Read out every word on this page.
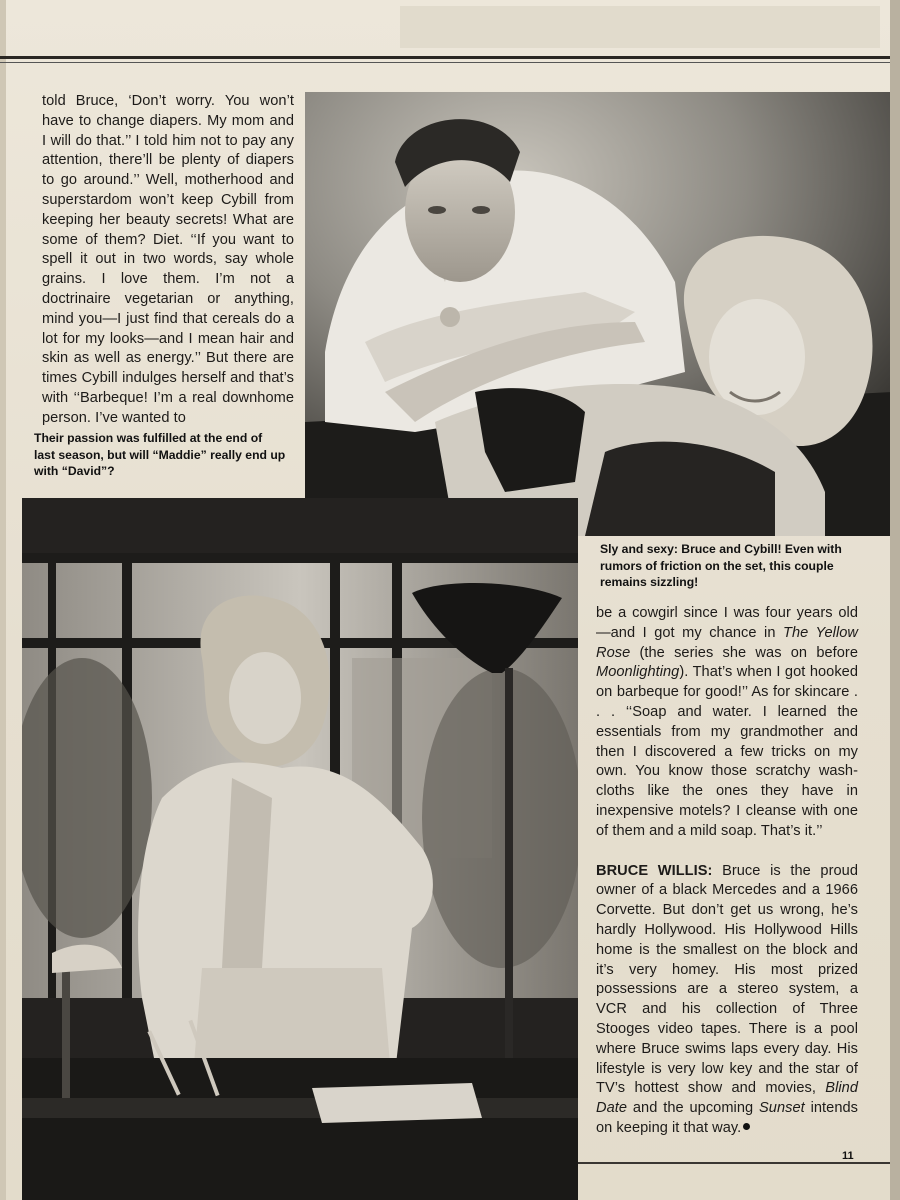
told Bruce, ‘Don’t worry. You won’t have to change diapers. My mom and I will do that.’’ I told him not to pay any attention, there’ll be plenty of diapers to go around.’’ Well, motherhood and superstardom won’t keep Cybill from keeping her beauty secrets! What are some of them? Diet. ‘‘If you want to spell it out in two words, say whole grains. I love them. I’m not a doctrinaire vegetarian or anything, mind you—I just find that cereals do a lot for my looks—and I mean hair and skin as well as energy.’’ But there are times Cybill indulges herself and that’s with ‘‘Barbeque! I’m a real downhome person. I’ve wanted to

Their passion was fulfilled at the end of last season, but will “Maddie” really end up with “David”?
Sly and sexy: Bruce and Cybill! Even with rumors of friction on the set, this couple remains sizzling!

be a cowgirl since I was four years old—and I got my chance in The Yellow Rose (the series she was on before Moonlighting). That’s when I got hooked on barbeque for good!’’ As for skincare . . . ‘‘Soap and water. I learned the essentials from my grandmother and then I discovered a few tricks on my own. You know those scratchy wash-cloths like the ones they have in inexpensive motels? I cleanse with one of them and a mild soap. That’s it.’’

BRUCE WILLIS: Bruce is the proud owner of a black Mercedes and a 1966 Corvette. But don’t get us wrong, he’s hardly Hollywood. His Hollywood Hills home is the smallest on the block and it’s very homey. His most prized possessions are a stereo system, a VCR and his collection of Three Stooges video tapes. There is a pool where Bruce swims laps every day. His lifestyle is very low key and the star of TV’s hottest show and movies, Blind Date and the upcoming Sunset intends on keeping it that way.

11
